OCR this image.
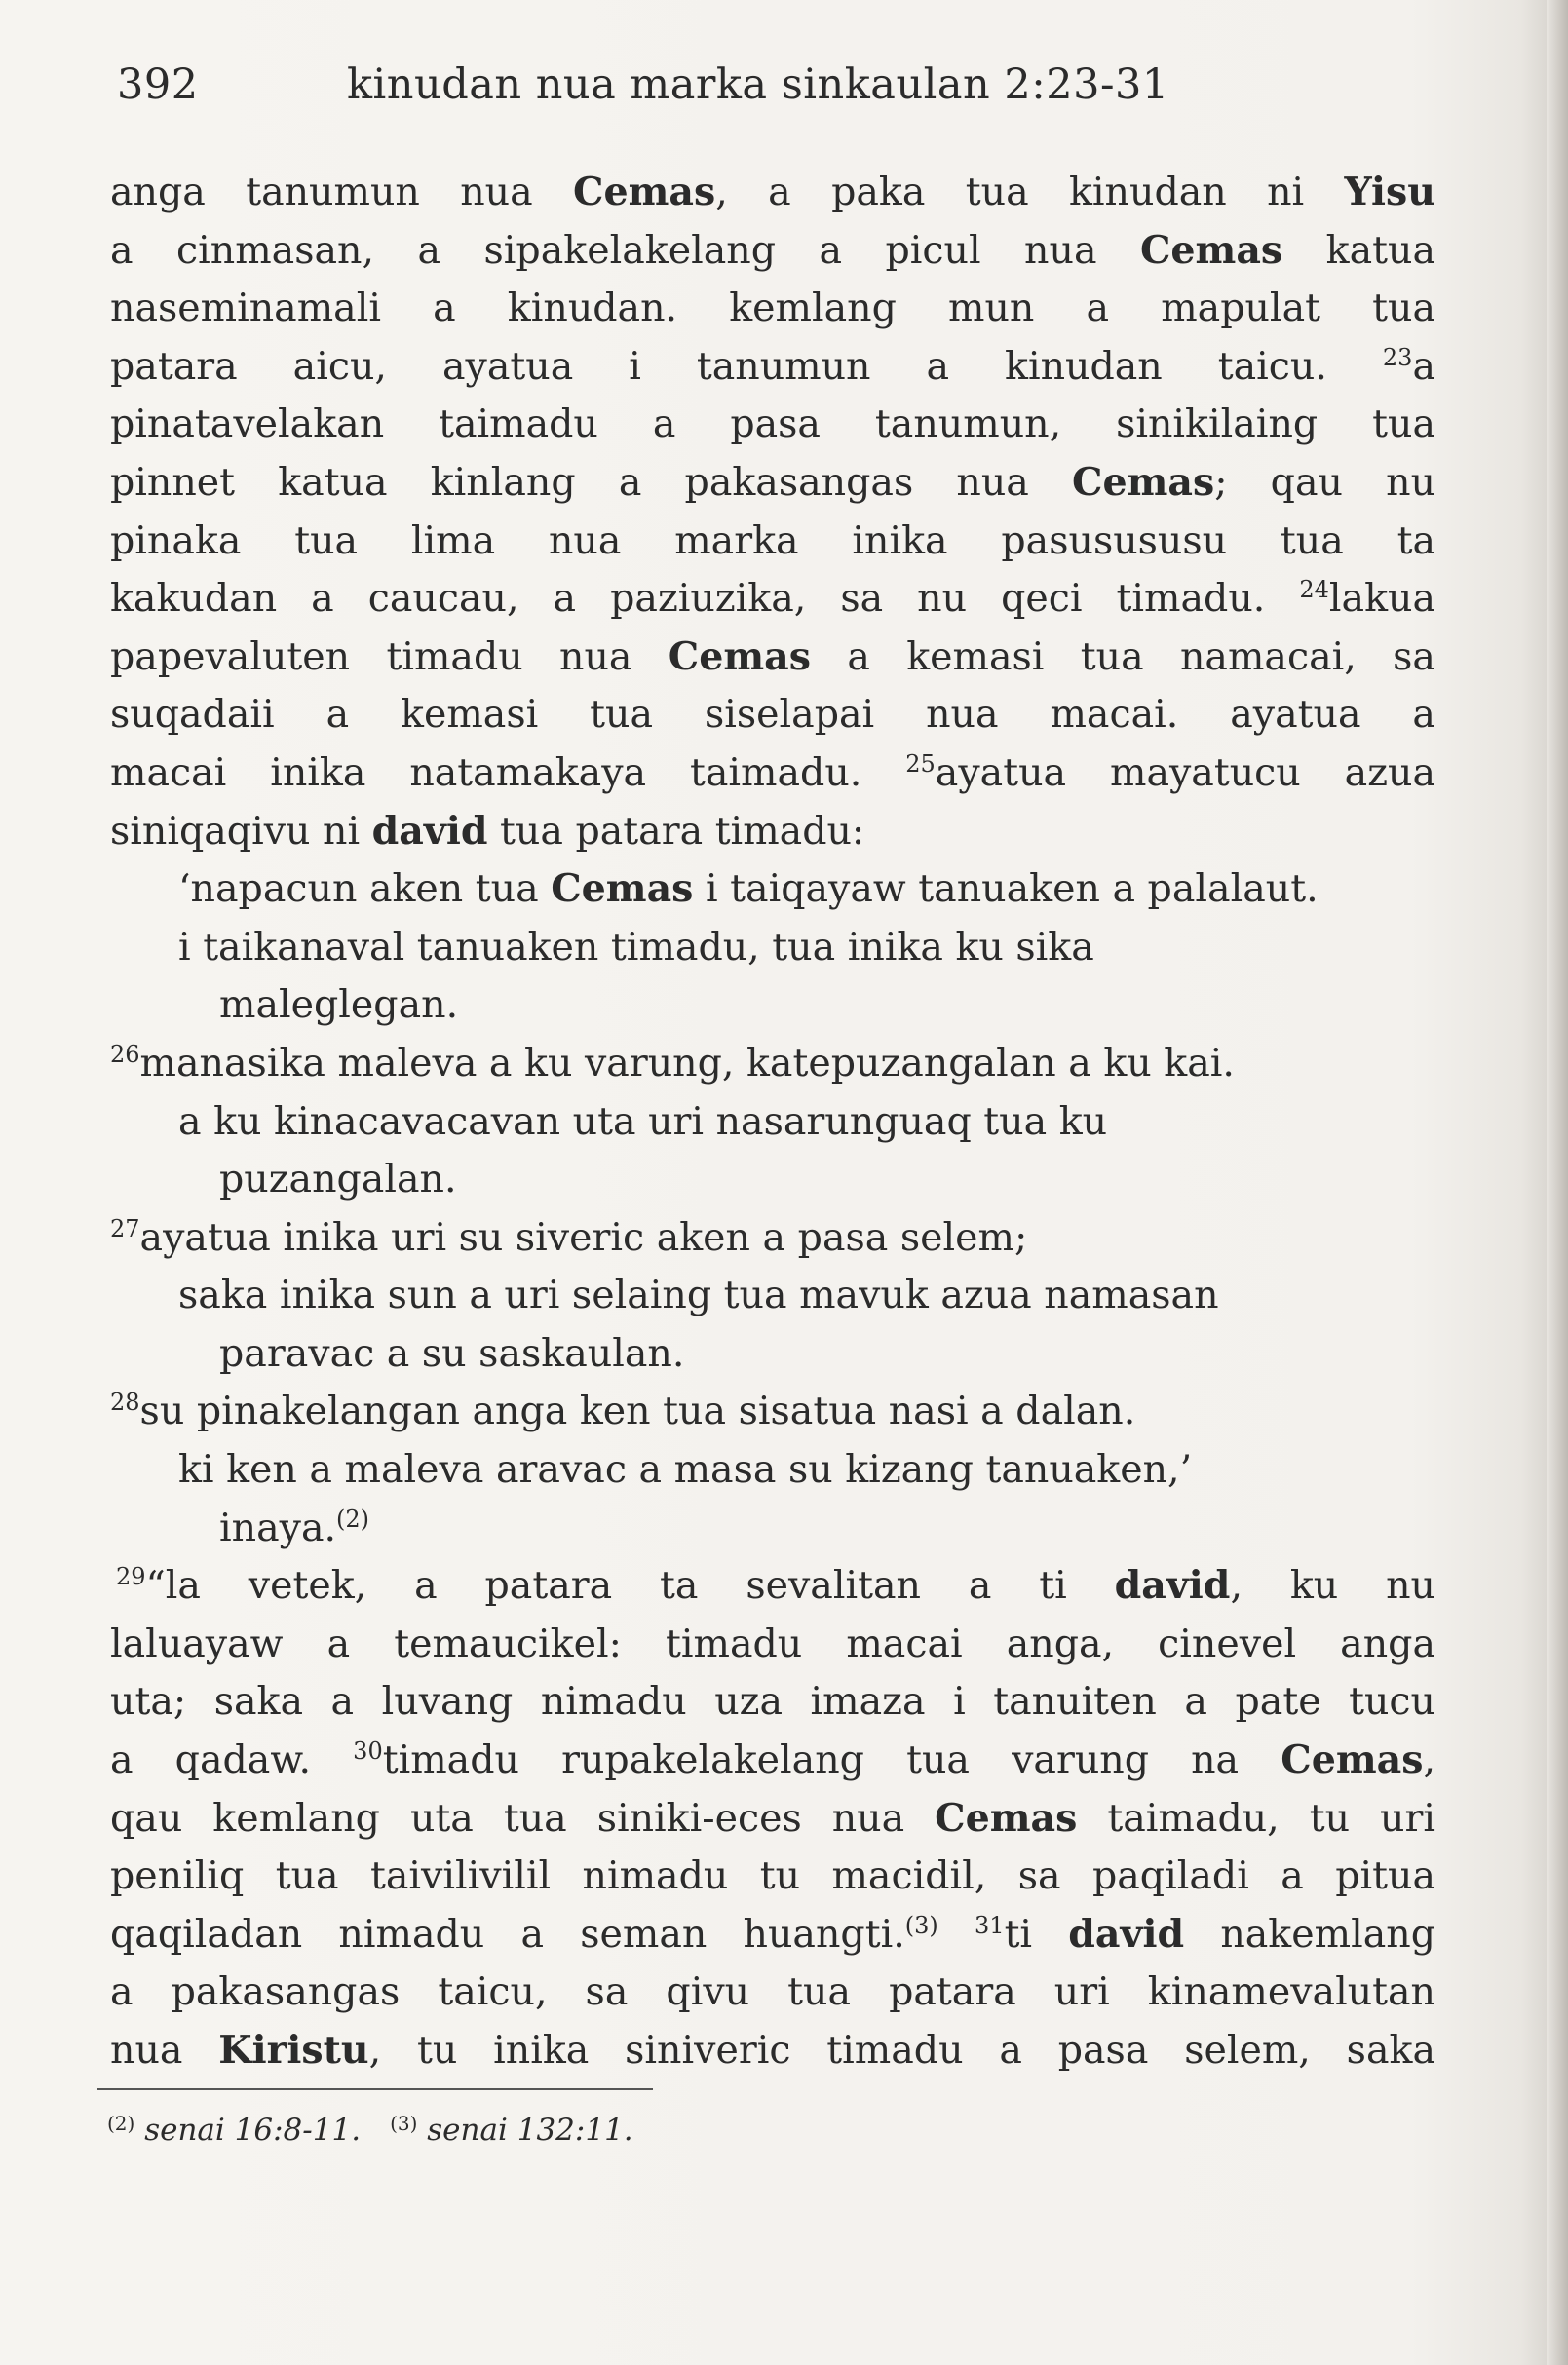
392	kinudan nua marka sinkaulan 2:23-31
anga tanumun nua Cemas, a paka tua kinudan ni Yisu
a cinmasan, a sipakelakelang a picul nua Cemas katua
naseminamali a kinudan. kemlang mun a mapulat tua
patara aicu, ayatua i tanumun a kinudan taicu. $^{23}$a
pinatavelakan taimadu a pasa tanumun, sinikilaing tua
pinnet katua kinlang a pakasangas nua Cemas; qau nu
pinaka tua lima nua marka inika pasusususu tua ta
kakudan a caucau, a paziuzika, sa nu qeci timadu. $^{24}$lakua
papevaluten timadu nua Cemas a kemasi tua namacai, sa
suqadaii a kemasi tua siselapai nua macai. ayatua a
macai inika natamakaya taimadu. $^{25}$ayatua mayatucu azua
siniqaqivu ni david tua patara timadu:
‘napacun aken tua Cemas i taiqayaw tanuaken a palalaut.
i taikanaval tanuaken timadu, tua inika ku sika
maleglegan.
$^{26}$manasika maleva a ku varung, katepuzangalan a ku kai.
a ku kinacavacavan uta uri nasarunguaq tua ku
puzangalan.
$^{27}$ayatua inika uri su siveric aken a pasa selem;
saka inika sun a uri selaing tua mavuk azua namasan
paravac a su saskaulan.
$^{28}$su pinakelangan anga ken tua sisatua nasi a dalan.
ki ken a maleva aravac a masa su kizang tanuaken,’
inaya.$^{(2)}$
$^{29}$“la vetek, a patara ta sevalitan a ti david, ku nu
laluayaw a temaucikel: timadu macai anga, cinevel anga
uta; saka a luvang nimadu uza imaza i tanuiten a pate tucu
a qadaw. $^{30}$timadu rupakelakelang tua varung na Cemas,
qau kemlang uta tua siniki-eces nua Cemas taimadu, tu uri
peniliq tua taivilivilil nimadu tu macidil, sa paqiladi a pitua
qaqiladan nimadu a seman huangti.$^{(3)}$ $^{31}$ti david nakemlang
a pakasangas taicu, sa qivu tua patara uri kinamevalutan
nua Kiristu, tu inika siniveric timadu a pasa selem, saka
$^{(2)}$ senai 16:8-11. $^{(3)}$ senai 132:11.
